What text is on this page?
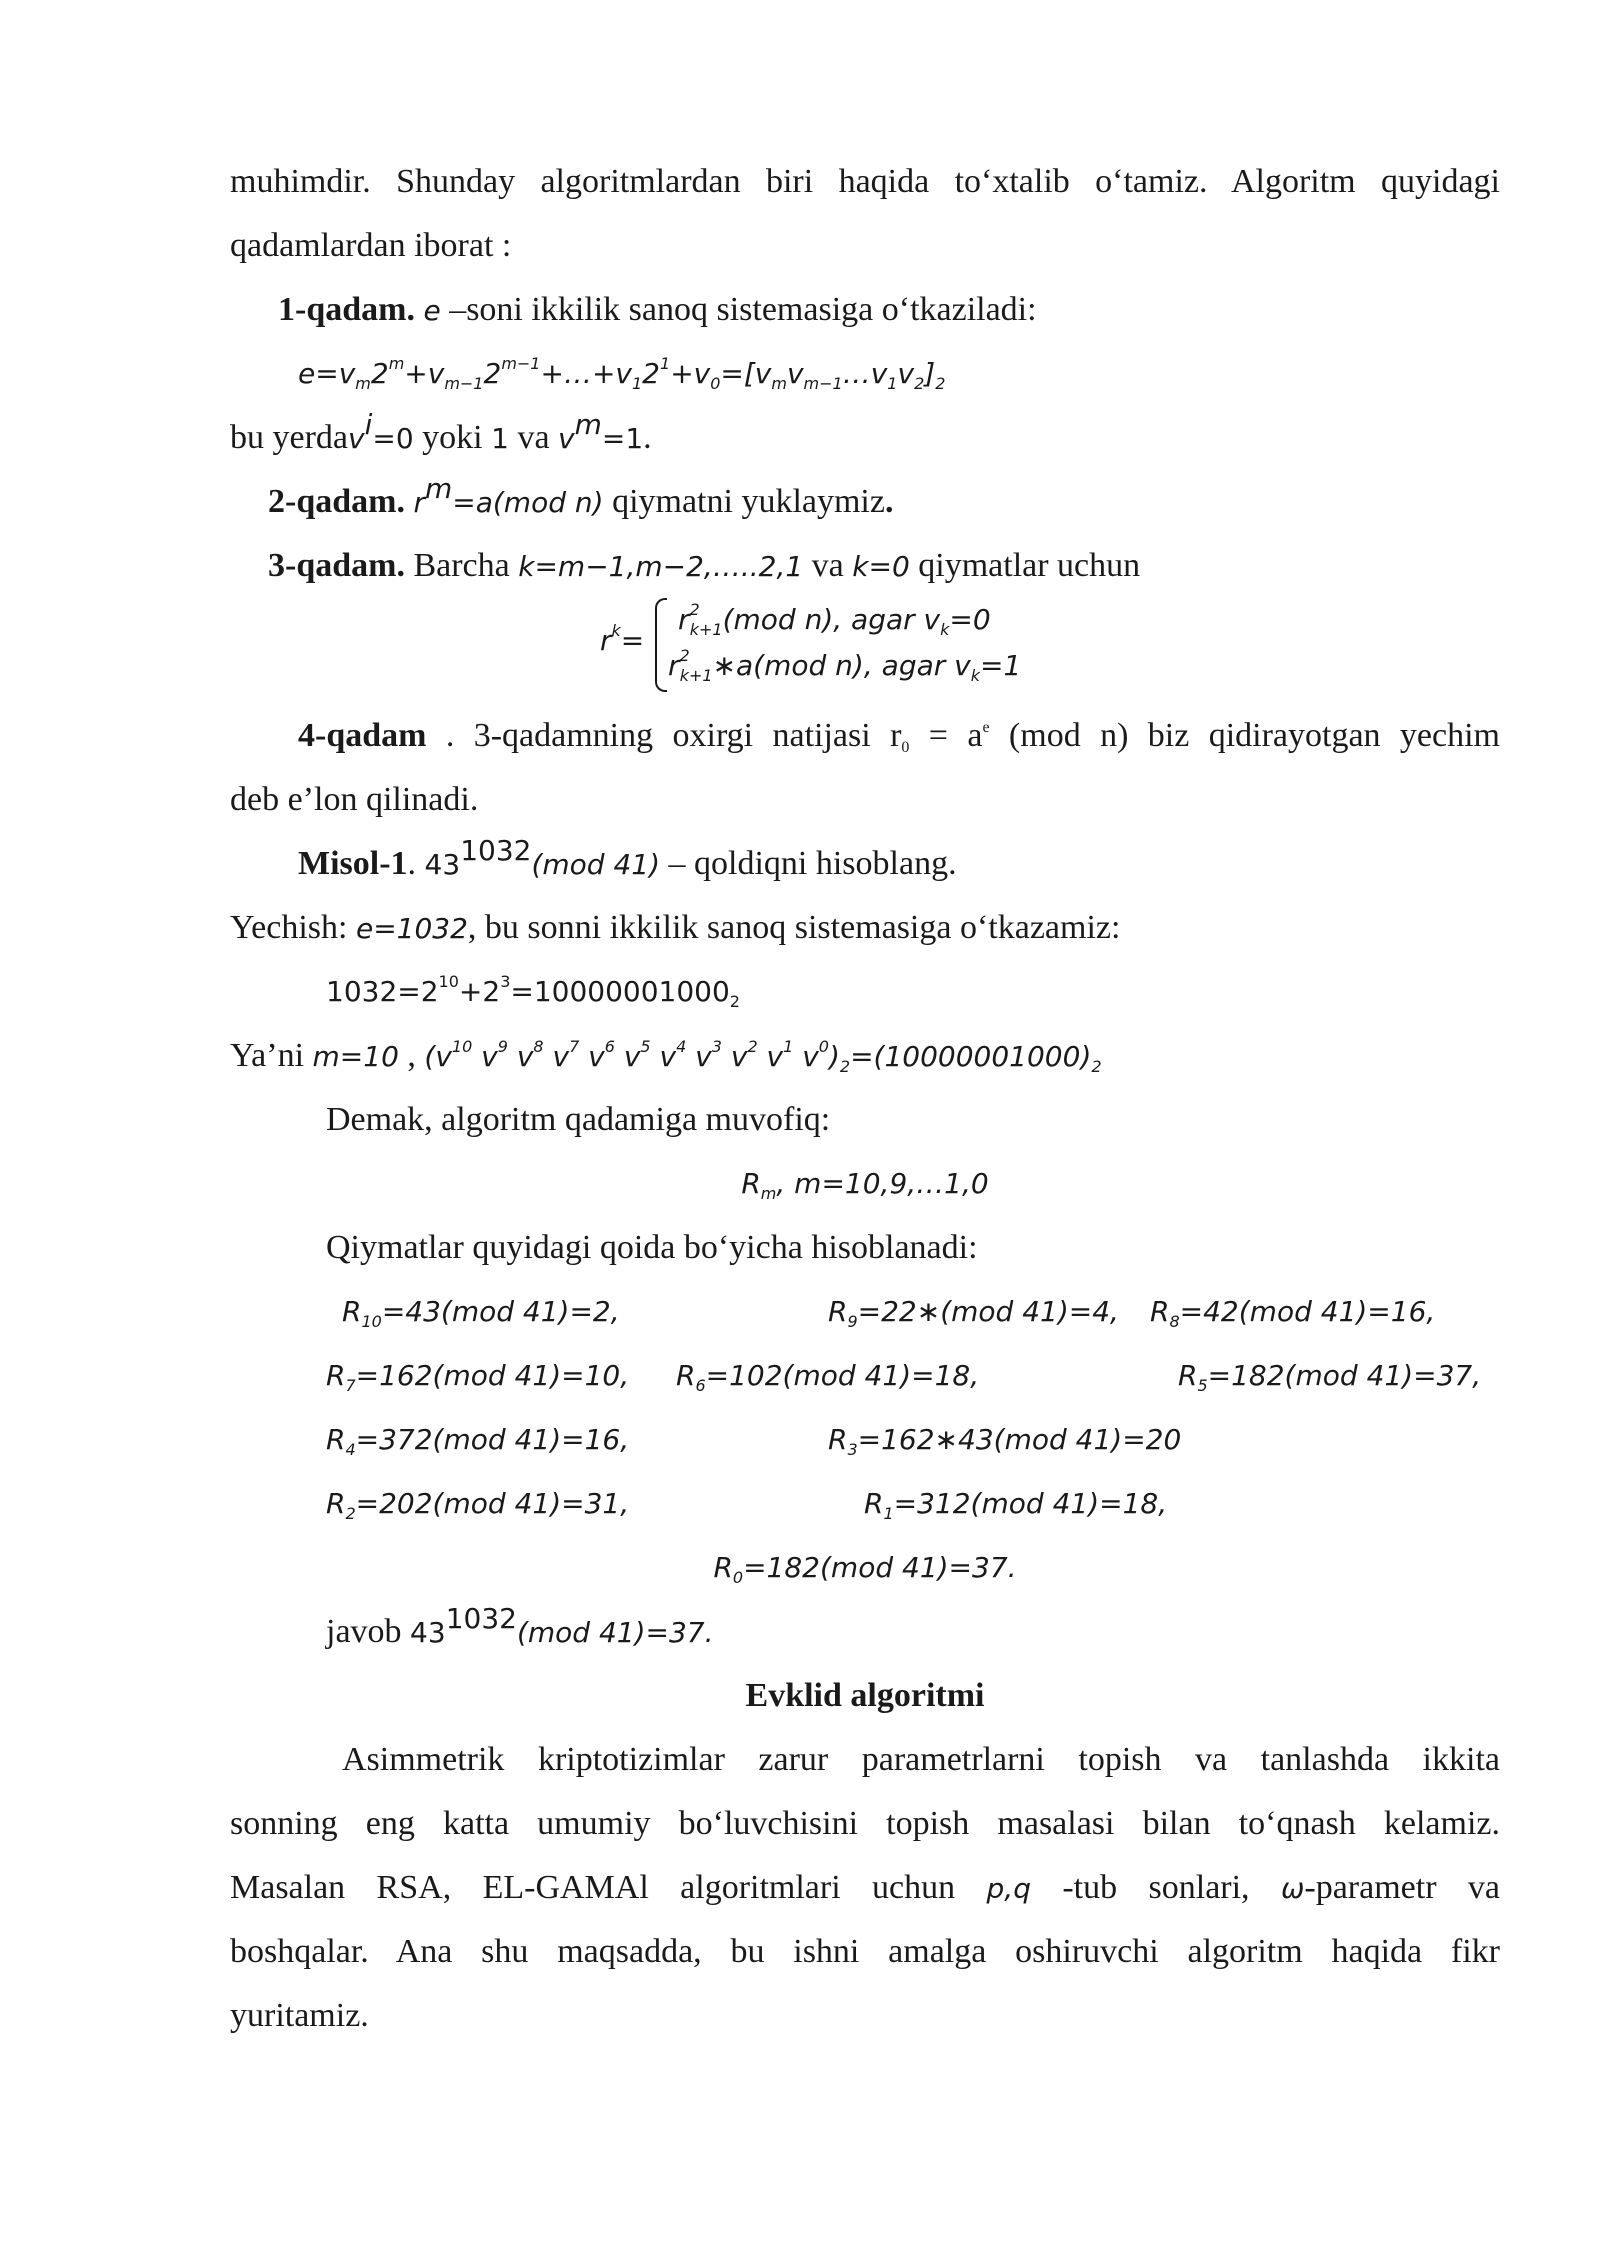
muhimdir. Shunday algoritmlardan biri haqida to‘xtalib o‘tamiz. Algoritm quyidagi
qadamlardan iborat :
1-qadam. e –soni ikkilik sanoq sistemasiga o‘tkaziladi:
$e=v_m2^m+v_{m-1}2^{m-1}+\dots+v_12^1+v_0=[v_mv_{m-1}\dots v_1v_2]_2$
bu yerdav$^i$=0 yoki 1 va $v^m=1$.
2-qadam. $r^m=a(mod$ n) qiymatni yuklaymiz.
3-qadam. Barcha k=m−1,m−2,…..2,1 va k=0 qiymatlar uchun
$r^k=$
$r^2_{k+1}(mod$ n), agar $v_k=0$
$r^2_{k+1}∗a(mod$ n), agar $v_k=1$
4-qadam . 3-qadamning oxirgi natijasi $r_0 = a^e$ (mod n) biz qidirayotgan yechim
deb e’lon qilinadi.
Misol-1. $43^{1032}(mod$ 41) – qoldiqni hisoblang.
Yechish: e=1032, bu sonni ikkilik sanoq sistemasiga o‘tkazamiz:
$1032=2^{10}+2^3=10000001000_2$
Ya’ni m=10 , ($v^{10}$ $v^9$ $v^8$ $v^7$ $v^6$ $v^5$ $v^4$ $v^3$ $v^2$ $v^1$ $v^0)_2=(10000001000)_2$
Demak, algoritm qadamiga muvofiq:
$R_m$, m=10,9,…1,0
Qiymatlar quyidagi qoida bo‘yicha hisoblanadi:
$R_{10}=43(mod$ 41)=2,	$R_9=22∗(mod$ 41)=4, $R_8=42(mod$ 41)=16,
$R_7=162(mod$ 41)=10, $R_6=102(mod$ 41)=18,	$R_5=182(mod$ 41)=37,
$R_4=372(mod$ 41)=16,	$R_3=162∗43(mod$ 41)=20
$R_2=202(mod$ 41)=31,	$R_1=312(mod$ 41)=18,
$R_0=182(mod$ 41)=37.
javob $43^{1032}(mod$ 41)=37.
Evklid algoritmi
Asimmetrik kriptotizimlar zarur parametrlarni topish va tanlashda ikkita
sonning eng katta umumiy bo‘luvchisini topish masalasi bilan to‘qnash kelamiz.
Masalan RSA, EL-GAMAl algoritmlari uchun p,q -tub sonlari, ω-parametr va
boshqalar. Ana shu maqsadda, bu ishni amalga oshiruvchi algoritm haqida fikr
yuritamiz.
